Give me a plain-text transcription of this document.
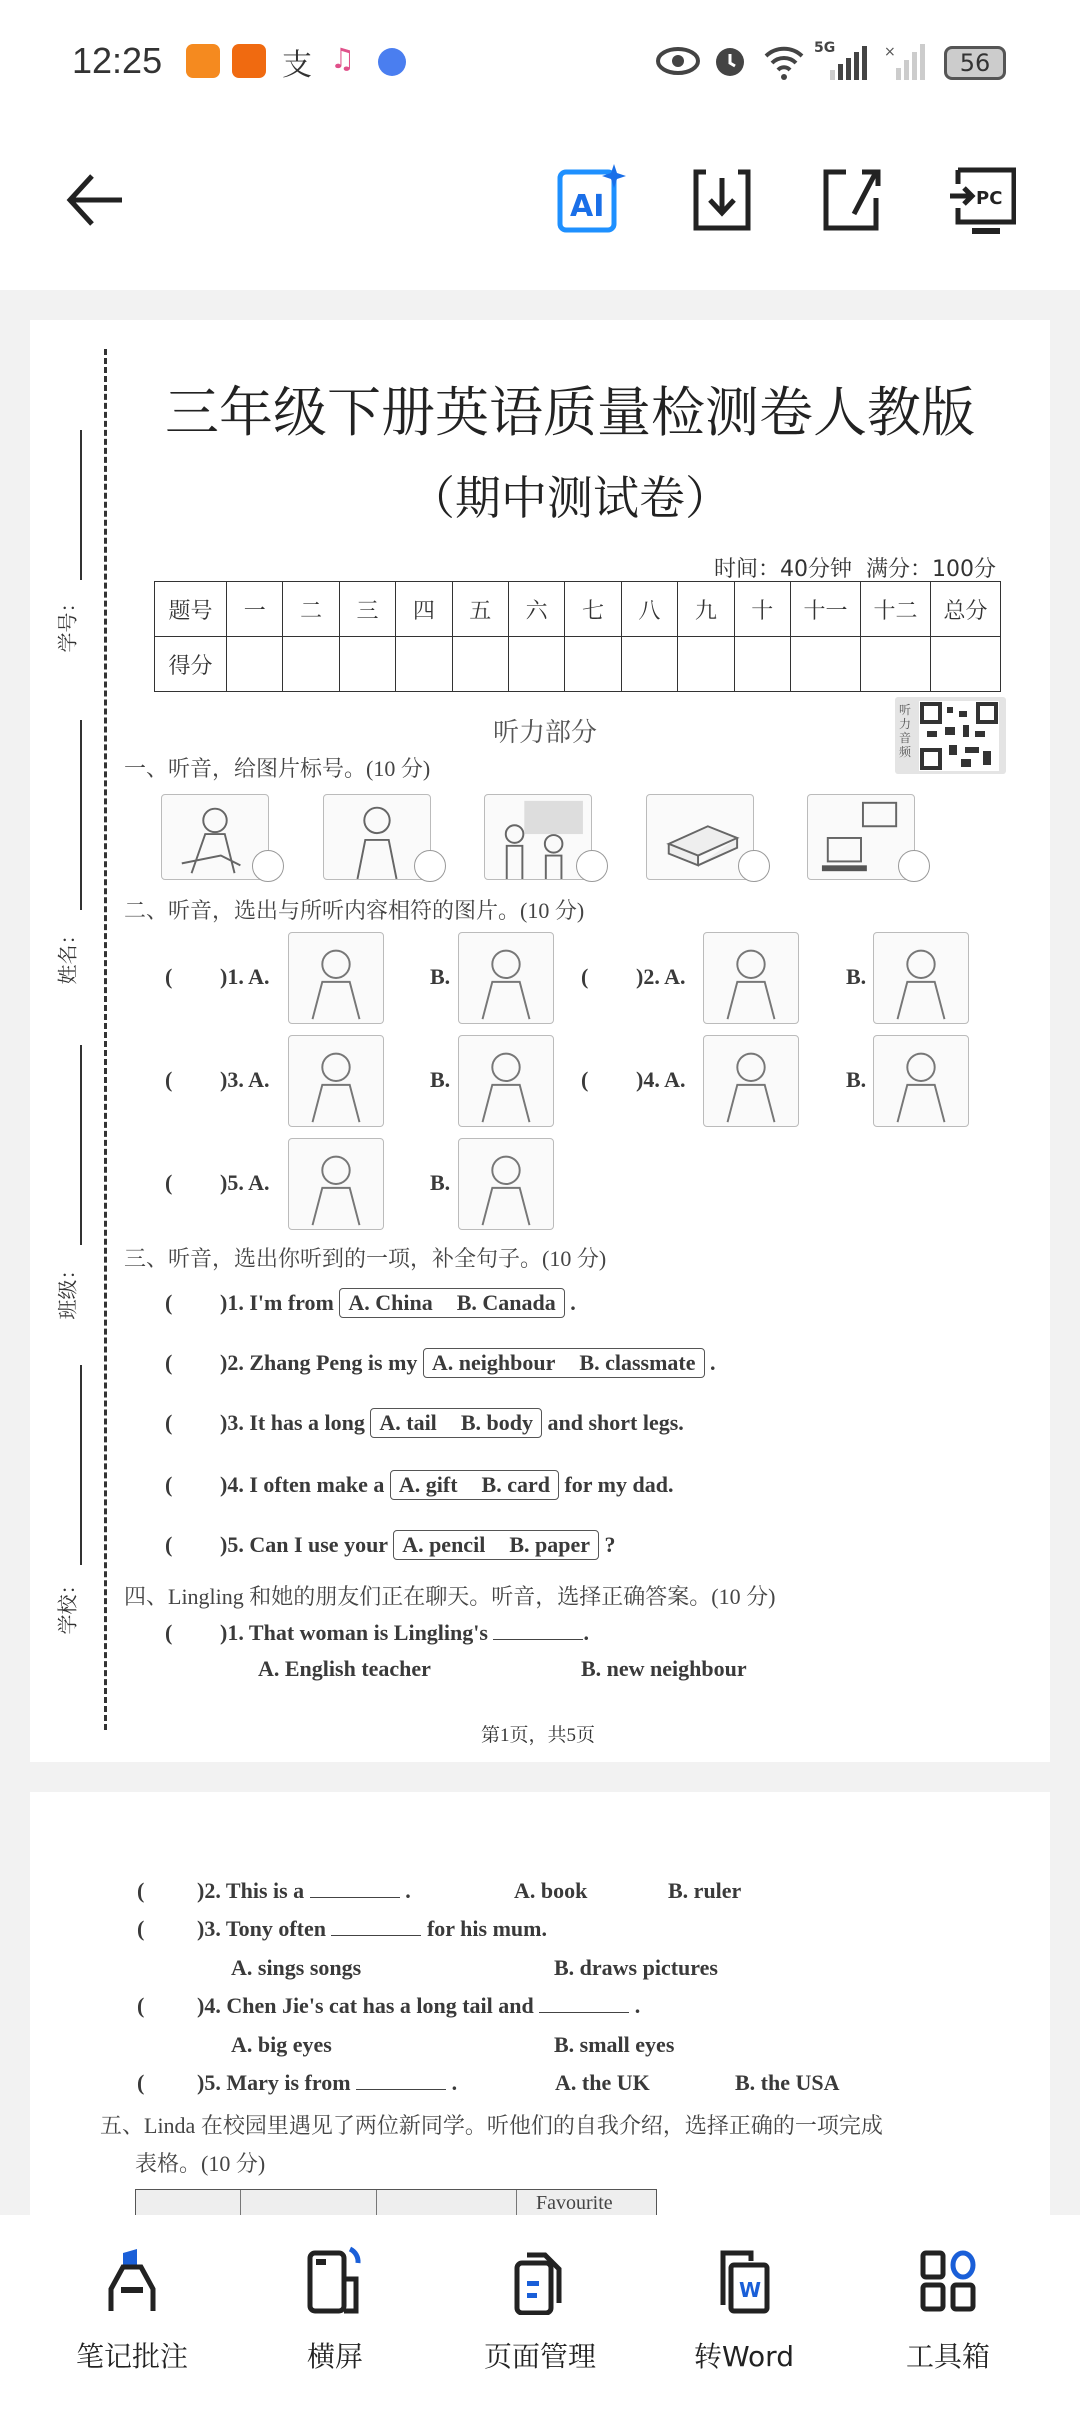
12:25	支 ♫	5G	×	56
AI	PC
学号：
姓名：
班级：
学校：
三年级下册英语质量检测卷人教版
（期中测试卷）
时间：40分钟  满分：100分
题号	一	二	三	四	五	六	七	八	九	十	十一	十二	总分
得分													
听力部分
听力音频
一、听音，给图片标号。(10 分)
二、听音，选出与所听内容相符的图片。(10 分)
( )1. A.	B.	( )2. A.	B.
( )3. A.	B.	( )4. A.	B.
( )5. A.	B.
三、听音，选出你听到的一项，补全句子。(10 分)
( )1. I'm from A. China B. Canada .
( )2. Zhang Peng is my A. neighbour B. classmate .
( )3. It has a long A. tail B. body and short legs.
( )4. I often make a A. gift B. card for my dad.
( )5. Can I use your A. pencil B. paper ?
四、Lingling 和她的朋友们正在聊天。听音，选择正确答案。(10 分)
( )1. That woman is Lingling's	.
A. English teacher	B. new neighbour
第1页，共5页
Favourite
( )2. This is a	.	A. book	B. ruler
( )3. Tony often	for his mum.
A. sings songs	B. draws pictures
( )4. Chen Jie's cat has a long tail and	.
A. big eyes	B. small eyes
( )5. Mary is from	.	A. the UK	B. the USA
五、Linda 在校园里遇见了两位新同学。听他们的自我介绍，选择正确的一项完成
表格。(10 分)
笔记批注	横屏	页面管理
W
转Word	工具箱
